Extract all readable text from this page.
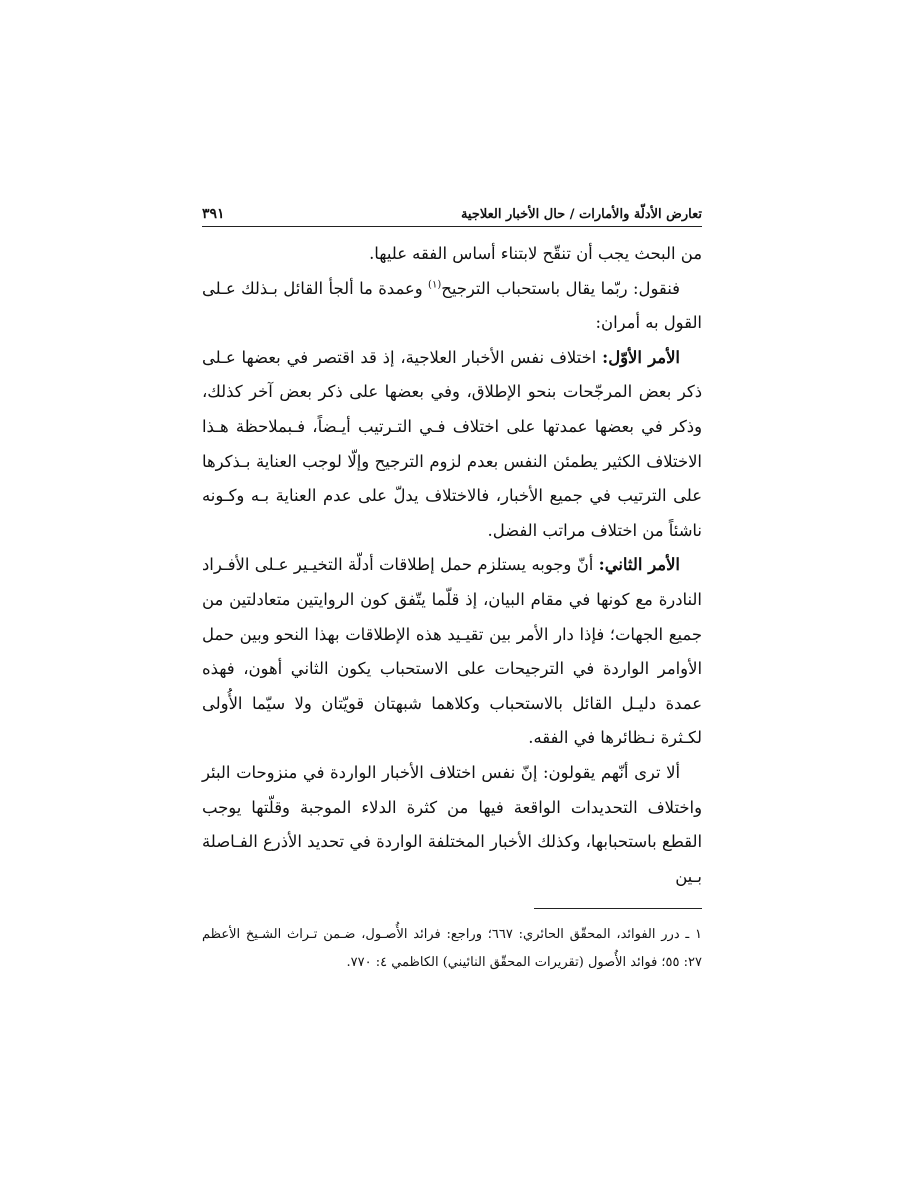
تعارض الأدلّة والأمارات / حال الأخبار العلاجية
٣٩١

من البحث يجب أن تنقّح لابتناء أساس الفقه عليها.

فنقول: ربّما يقال باستحباب الترجيح$^{(١)}$ وعمدة ما ألجأ القائل بـذلك عـلى القول به أمران:

الأمر الأوّل: اختلاف نفس الأخبار العلاجية، إذ قد اقتصر في بعضها عـلى ذكر بعض المرجّحات بنحو الإطلاق، وفي بعضها على ذكر بعض آخر كذلك، وذكر في بعضها عمدتها على اختلاف فـي التـرتيب أيـضاً، فـبملاحظة هـذا الاختلاف الكثير يطمئن النفس بعدم لزوم الترجيح وإلّا لوجب العناية بـذكرها على الترتيب في جميع الأخبار، فالاختلاف يدلّ على عدم العناية بـه وكـونه ناشئاً من اختلاف مراتب الفضل.

الأمر الثاني: أنّ وجوبه يستلزم حمل إطلاقات أدلّة التخيـير عـلى الأفـراد النادرة مع كونها في مقام البيان، إذ قلّما يتّفق كون الروايتين متعادلتين من جميع الجهات؛ فإذا دار الأمر بين تقيـيد هذه الإطلاقات بهذا النحو وبين حمل الأوامر الواردة في الترجيحات على الاستحباب يكون الثاني أهون، فهذه عمدة دليـل القائل بالاستحباب وكلاهما شبهتان قويّتان ولا سيّما الأُولى لكـثرة نـظائرها في الفقه.

ألا ترى أنّهم يقولون: إنّ نفس اختلاف الأخبار الواردة في منزوحات البئر واختلاف التحديدات الواقعة فيها من كثرة الدلاء الموجبة وقلّتها يوجب القطع باستحبابها، وكذلك الأخبار المختلفة الواردة في تحديد الأذرع الفـاصلة بـين

١ ـ درر الفوائد، المحقّق الحائري: ٦٦٧؛ وراجع: فرائد الأُصـول، ضـمن تـراث الشـيخ الأعظم ٢٧: ٥٥؛ فوائد الأُصول (تقريرات المحقّق النائيني) الكاظمي ٤: ٧٧٠.
